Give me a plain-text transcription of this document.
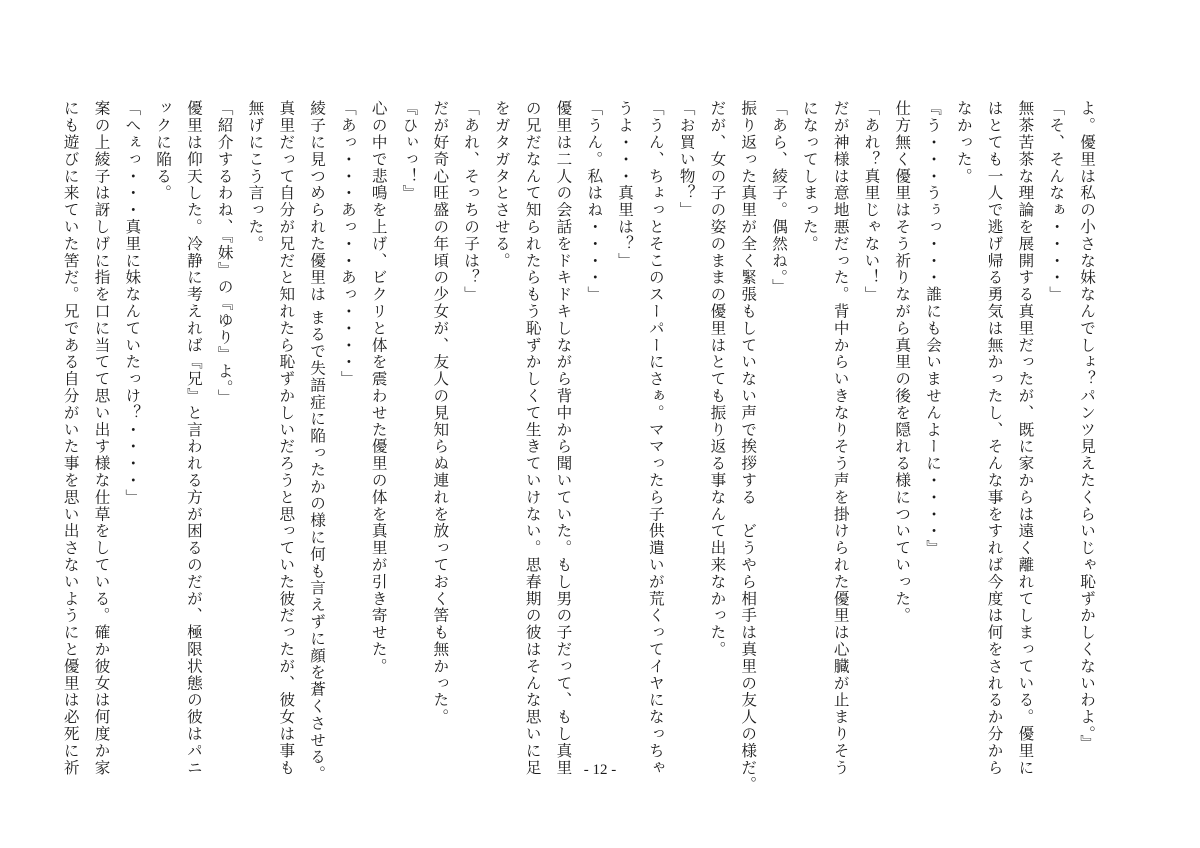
よ。優里は私の小さな妹なんでしょ？パンツ見えたくらいじゃ恥ずかしくないわよ。』
「そ、そんなぁ・・・・」
無茶苦茶な理論を展開する真里だったが、既に家からは遠く離れてしまっている。優里に
はとても一人で逃げ帰る勇気は無かったし、そんな事をすれば今度は何をされるか分から
なかった。
『う・・・うぅっ・・・誰にも会いませんよーに・・・・』
仕方無く優里はそう祈りながら真里の後を隠れる様についていった。
「あれ？真里じゃない！」
だが神様は意地悪だった。背中からいきなりそう声を掛けられた優里は心臓が止まりそう
になってしまった。
「あら、綾子。偶然ね。」
振り返った真里が全く緊張もしていない声で挨拶する　どうやら相手は真里の友人の様だ。
だが、女の子の姿のままの優里はとても振り返る事なんて出来なかった。
「お買い物？」
「うん、ちょっとそこのスーパーにさぁ。ママったら子供遣いが荒くってイヤになっちゃ
うよ・・・真里は？」
「うん。私はね・・・・」
優里は二人の会話をドキドキしながら背中から聞いていた。もし男の子だって、もし真里
の兄だなんて知られたらもう恥ずかしくて生きていけない。思春期の彼はそんな思いに足
をガタガタとさせる。
「あれ、そっちの子は？」
だが好奇心旺盛の年頃の少女が、友人の見知らぬ連れを放っておく筈も無かった。
『ひぃっ！』
心の中で悲鳴を上げ、ビクリと体を震わせた優里の体を真里が引き寄せた。
「あっ・・・あっ・・あっ・・・・」
綾子に見つめられた優里は まるで失語症に陥ったかの様に何も言えずに顔を蒼くさせる。
真里だって自分が兄だと知れたら恥ずかしいだろうと思っていた彼だったが、彼女は事も
無げにこう言った。
「紹介するわね、『妹』の『ゆり』よ。」
優里は仰天した。冷静に考えれば『兄』と言われる方が困るのだが、極限状態の彼はパニ
ックに陥る。
「へぇっ・・・真里に妹なんていたっけ？・・・・」
案の上綾子は訝しげに指を口に当てて思い出す様な仕草をしている。確か彼女は何度か家
にも遊びに来ていた筈だ。兄である自分がいた事を思い出さないようにと優里は必死に祈	- 12 -
